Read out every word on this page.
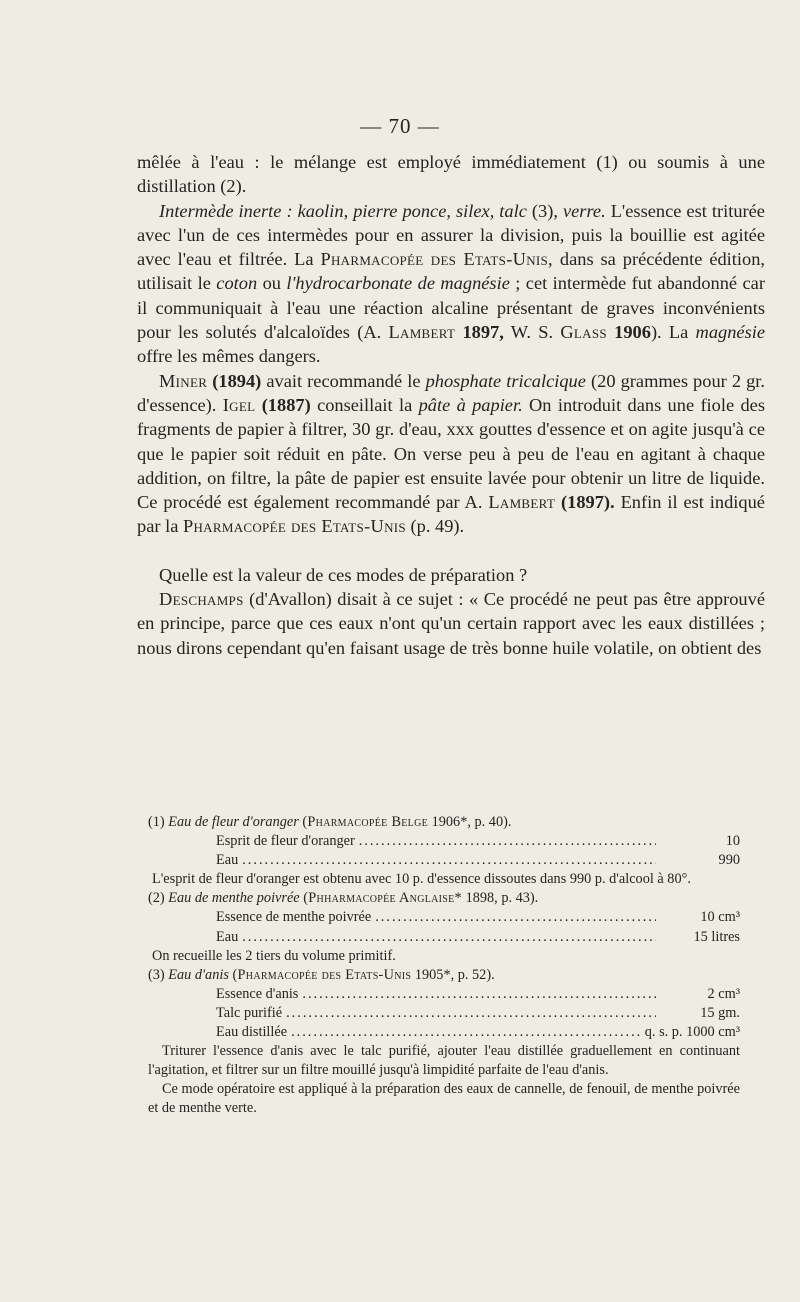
— 70 —

mêlée à l'eau : le mélange est employé immédiatement (1) ou soumis à une distillation (2).

Intermède inerte : kaolin, pierre ponce, silex, talc (3), verre. L'essence est triturée avec l'un de ces intermèdes pour en assurer la division, puis la bouillie est agitée avec l'eau et filtrée. La Pharmacopée des Etats-Unis, dans sa précédente édition, utilisait le coton ou l'hydrocarbonate de magnésie ; cet intermède fut abandonné car il communiquait à l'eau une réaction alcaline présentant de graves inconvénients pour les solutés d'alcaloïdes (A. Lambert 1897, W. S. Glass 1906). La magnésie offre les mêmes dangers.

Miner (1894) avait recommandé le phosphate tricalcique (20 grammes pour 2 gr. d'essence). Igel (1887) conseillait la pâte à papier. On introduit dans une fiole des fragments de papier à filtrer, 30 gr. d'eau, xxx gouttes d'essence et on agite jusqu'à ce que le papier soit réduit en pâte. On verse peu à peu de l'eau en agitant à chaque addition, on filtre, la pâte de papier est ensuite lavée pour obtenir un litre de liquide. Ce procédé est également recommandé par A. Lambert (1897). Enfin il est indiqué par la Pharmacopée des Etats-Unis (p. 49).

Quelle est la valeur de ces modes de préparation ?

Deschamps (d'Avallon) disait à ce sujet : « Ce procédé ne peut pas être approuvé en principe, parce que ces eaux n'ont qu'un certain rapport avec les eaux distillées ; nous dirons cependant qu'en faisant usage de très bonne huile volatile, on obtient des

(1) Eau de fleur d'oranger (Pharmacopée Belge 1906*, p. 40).
Esprit de fleur d'oranger .....	10
Eau .....	990

L'esprit de fleur d'oranger est obtenu avec 10 p. d'essence dissoutes dans 990 p. d'alcool à 80°.

(2) Eau de menthe poivrée (Phharmacopée Anglaise* 1898, p. 43).
Essence de menthe poivrée .....	10 cm³
Eau .....	15 litres

On recueille les 2 tiers du volume primitif.

(3) Eau d'anis (Pharmacopée des Etats-Unis 1905*, p. 52).
Essence d'anis .....	2 cm³
Talc purifié .....	15 gm.
Eau distillée .....	q. s. p. 1000 cm³

Triturer l'essence d'anis avec le talc purifié, ajouter l'eau distillée graduellement en continuant l'agitation, et filtrer sur un filtre mouillé jusqu'à limpidité parfaite de l'eau d'anis.

Ce mode opératoire est appliqué à la préparation des eaux de cannelle, de fenouil, de menthe poivrée et de menthe verte.
